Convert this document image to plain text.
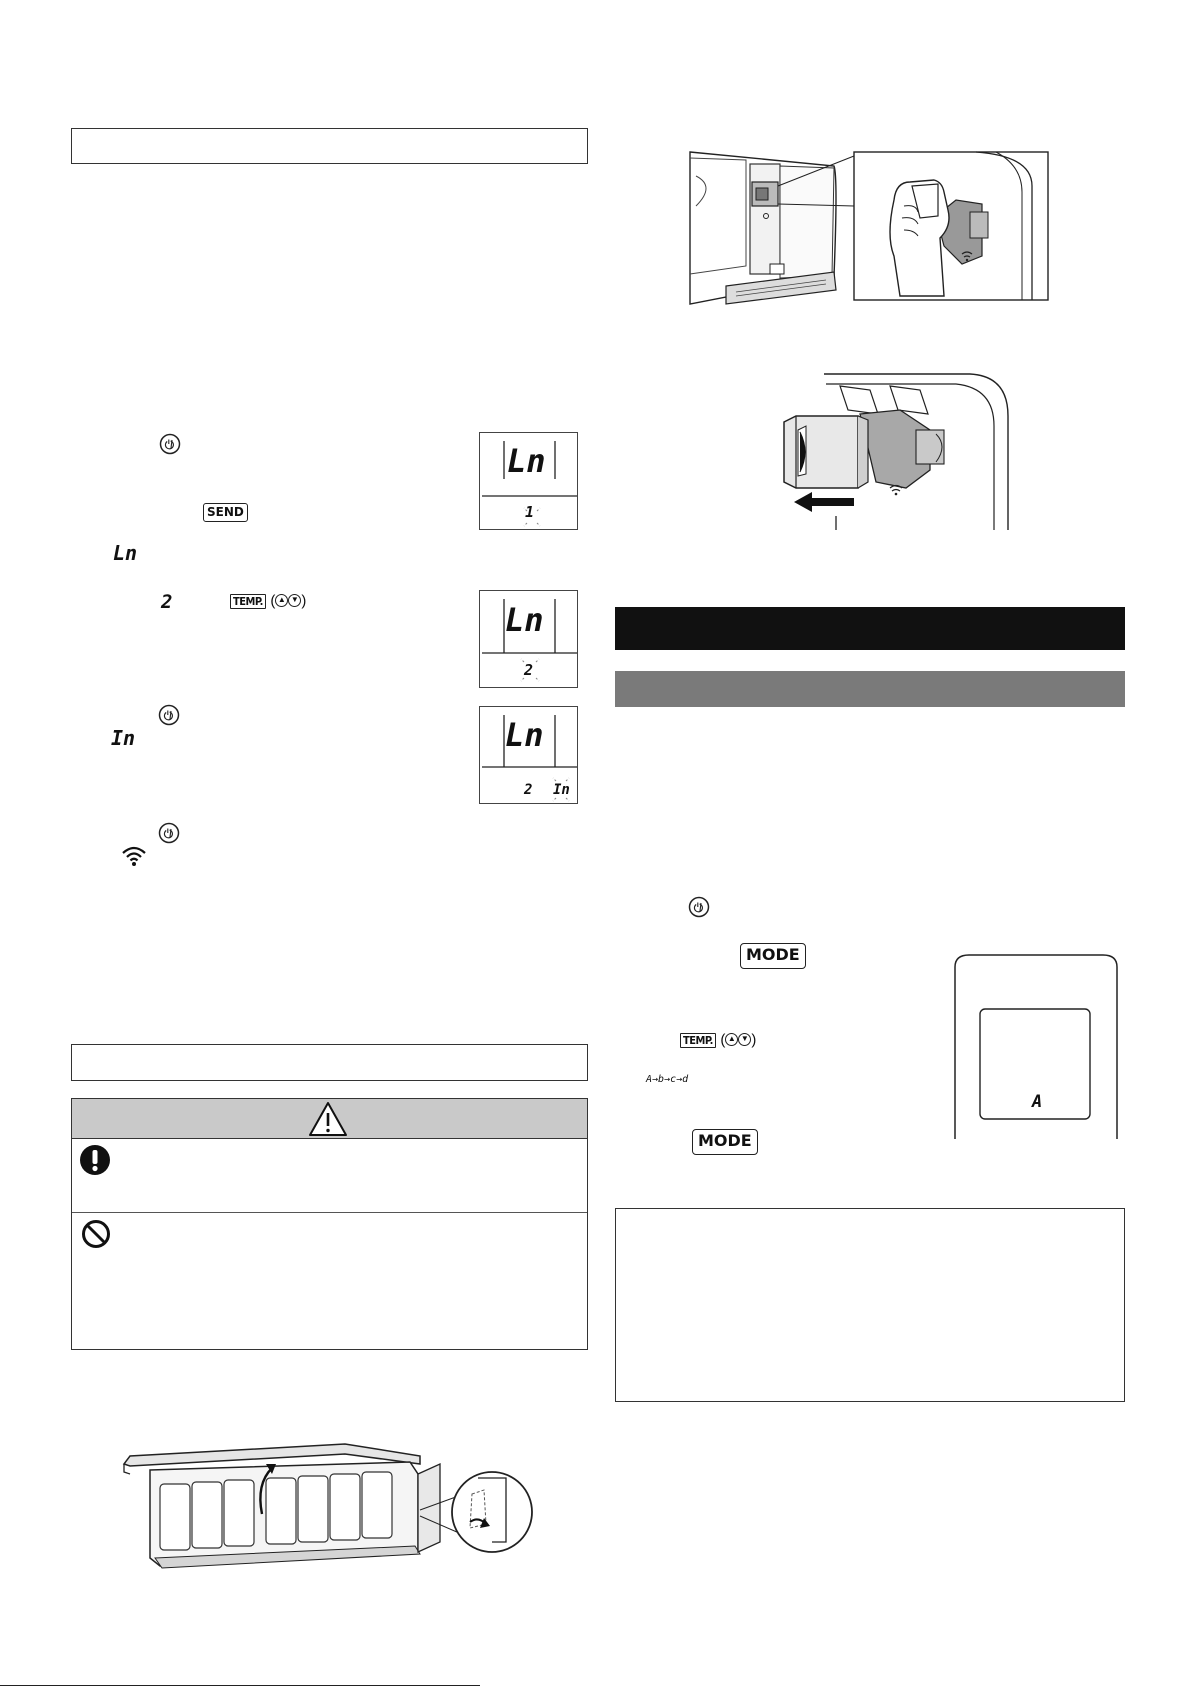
SEND
Ln
Ln
1
2	TEMP. ( ▲ ▼ )
Ln
2
In	Ln
2 In
MODE
TEMP. ( ▲ ▼ )
A→b→c→d
MODE
A
